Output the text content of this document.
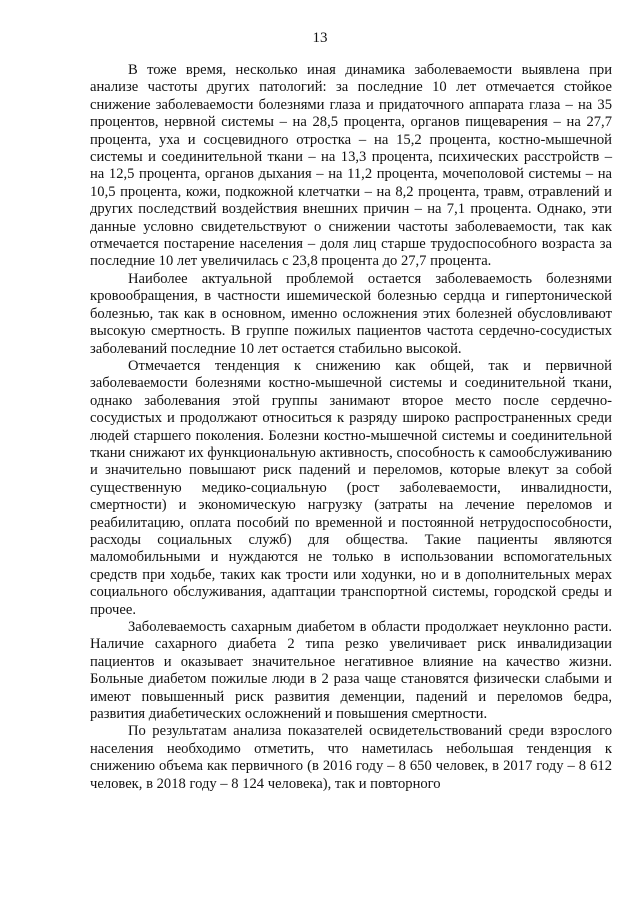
13

В тоже время, несколько иная динамика заболеваемости выявлена при анализе частоты других патологий: за последние 10 лет отмечается стойкое снижение заболеваемости болезнями глаза и придаточного аппарата глаза – на 35 процентов, нервной системы – на 28,5 процента, органов пищеварения – на 27,7 процента, уха и сосцевидного отростка – на 15,2 процента, костно-мышечной системы и соединительной ткани – на 13,3 процента, психических расстройств – на 12,5 процента, органов дыхания – на 11,2 процента, мочеполовой системы – на 10,5 процента, кожи, подкожной клетчатки – на 8,2 процента, травм, отравлений и других последствий воздействия внешних причин – на 7,1 процента. Однако, эти данные условно свидетельствуют о снижении частоты заболеваемости, так как отмечается постарение населения – доля лиц старше трудоспособного возраста за последние 10 лет увеличилась с 23,8 процента до 27,7 процента.

Наиболее актуальной проблемой остается заболеваемость болезнями кровообращения, в частности ишемической болезнью сердца и гипертонической болезнью, так как в основном, именно осложнения этих болезней обусловливают высокую смертность. В группе пожилых пациентов частота сердечно-сосудистых заболеваний последние 10 лет остается стабильно высокой.

Отмечается тенденция к снижению как общей, так и первичной заболеваемости болезнями костно-мышечной системы и соединительной ткани, однако заболевания этой группы занимают второе место после сердечно-сосудистых и продолжают относиться к разряду широко распространенных среди людей старшего поколения. Болезни костно-мышечной системы и соединительной ткани снижают их функциональную активность, способность к самообслуживанию и значительно повышают риск падений и переломов, которые влекут за собой существенную медико-социальную (рост заболеваемости, инвалидности, смертности) и экономическую нагрузку (затраты на лечение переломов и реабилитацию, оплата пособий по временной и постоянной нетрудоспособности, расходы социальных служб) для общества. Такие пациенты являются маломобильными и нуждаются не только в использовании вспомогательных средств при ходьбе, таких как трости или ходунки, но и в дополнительных мерах социального обслуживания, адаптации транспортной системы, городской среды и прочее.

Заболеваемость сахарным диабетом в области продолжает неуклонно расти. Наличие сахарного диабета 2 типа резко увеличивает риск инвалидизации пациентов и оказывает значительное негативное влияние на качество жизни. Больные диабетом пожилые люди в 2 раза чаще становятся физически слабыми и имеют повышенный риск развития деменции, падений и переломов бедра, развития диабетических осложнений и повышения смертности.

По результатам анализа показателей освидетельствований среди взрослого населения необходимо отметить, что наметилась небольшая тенденция к снижению объема как первичного (в 2016 году – 8 650 человек, в 2017 году – 8 612 человек, в 2018 году – 8 124 человека), так и повторного
